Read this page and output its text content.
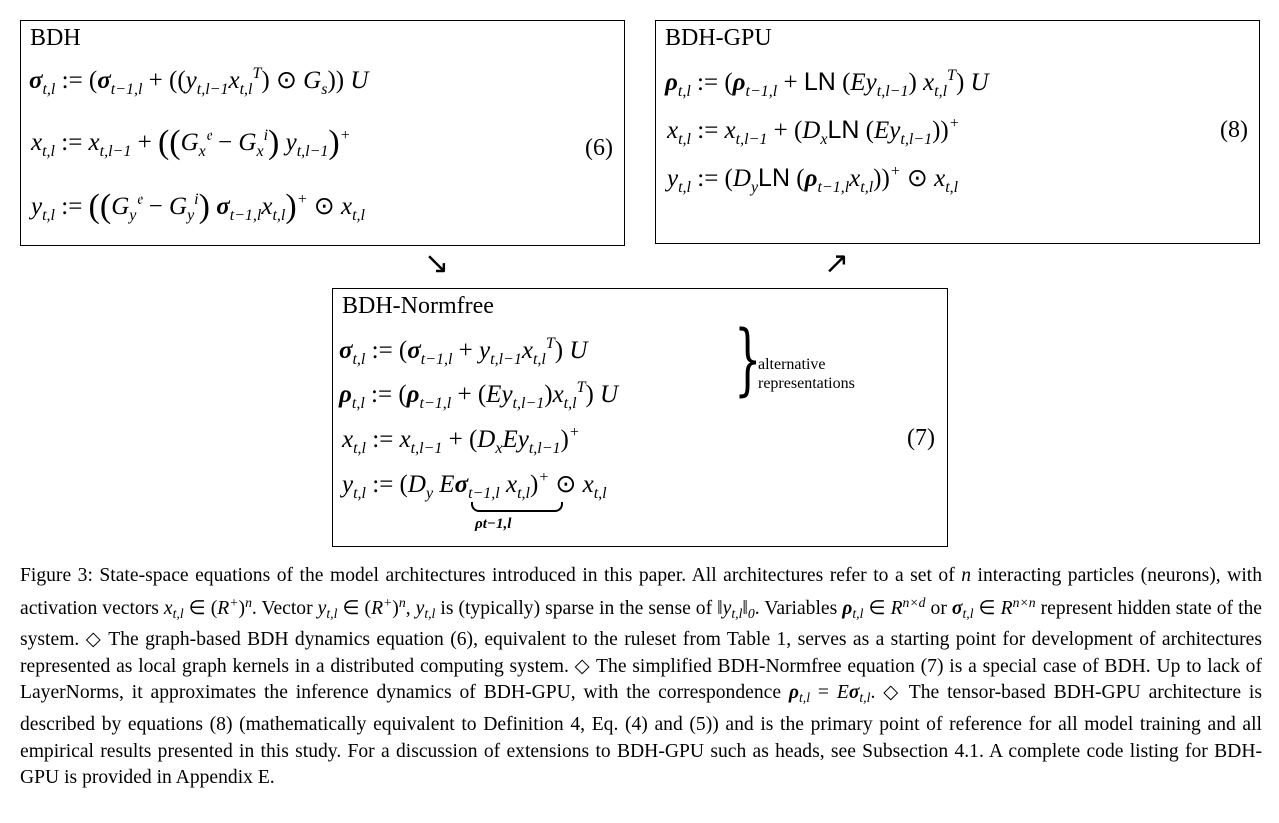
BDH
$\sigma_{t,l}$ := ($\sigma_{t-1,l} + ((y_{t,l-1}x_{t,l}^T)$ ⊙ $G_s$)) U
$x_{t,l}$ := $x_{t,l-1} + ((G_x^𝔢 - G_x^i)$ $y_{t,l-1})^+$
$y_{t,l}$ := ($(G_y^𝔢 - G_y^i)$ $\sigma_{t-1,l}x_{t,l})^+$ ⊙ $x_{t,l}$
(6)
BDH-GPU
$\rho_{t,l}$ := ($\rho_{t-1,l}$ + LN $(Ey_{t,l-1})$ $x_{t,l}^T$) U
$x_{t,l}$ := $x_{t,l-1} + (D_xLN$ $(Ey_{t,l-1}))^+$
$y_{t,l}$ := ($D_yLN$ $(\rho_{t-1,l}x_{t,l}))^+$ ⊙ $x_{t,l}$
(8)
↘	↗
BDH-Normfree
$\sigma_{t,l}$ := $(\sigma_{t-1,l} + y_{t,l-1}x_{t,l}^T)$ U
$\rho_{t,l}$ := $(\rho_{t-1,l} + (Ey_{t,l-1})x_{t,l}^T)$ U
$x_{t,l}$ := $x_{t,l-1} + (D_xEy_{t,l-1})^+$
$y_{t,l}$ := ($D_y$ $E\sigma_{t-1,l}$ $x_{t,l})^+$ ⊙ $x_{t,l}$
ρt−1,l
}
alternative representations
(7)
Figure 3: State-space equations of the model architectures introduced in this paper. All architectures refer to a set of n interacting particles (neurons), with activation vectors $x_{t,l}$ ∈ $(R^+)^n$. Vector $y_{t,l}$ ∈ $(R^+)^n$, $y_{t,l}$ is (typically) sparse in the sense of $‖y_{t,l}‖_0$. Variables $\rho_{t,l}$ ∈ $R^{n\times d}$ or $\sigma_{t,l}$ ∈ $R^{n\times n}$ represent hidden state of the system. ◇ The graph-based BDH dynamics equation (6), equivalent to the ruleset from Table 1, serves as a starting point for development of architectures represented as local graph kernels in a distributed computing system. ◇ The simplified BDH-Normfree equation (7) is a special case of BDH. Up to lack of LayerNorms, it approximates the inference dynamics of BDH-GPU, with the correspondence $\rho_{t,l} = E\sigma_{t,l}$. ◇ The tensor-based BDH-GPU architecture is described by equations (8) (mathematically equivalent to Definition 4, Eq. (4) and (5)) and is the primary point of reference for all model training and all empirical results presented in this study. For a discussion of extensions to BDH-GPU such as heads, see Subsection 4.1. A complete code listing for BDH-GPU is provided in Appendix E.
